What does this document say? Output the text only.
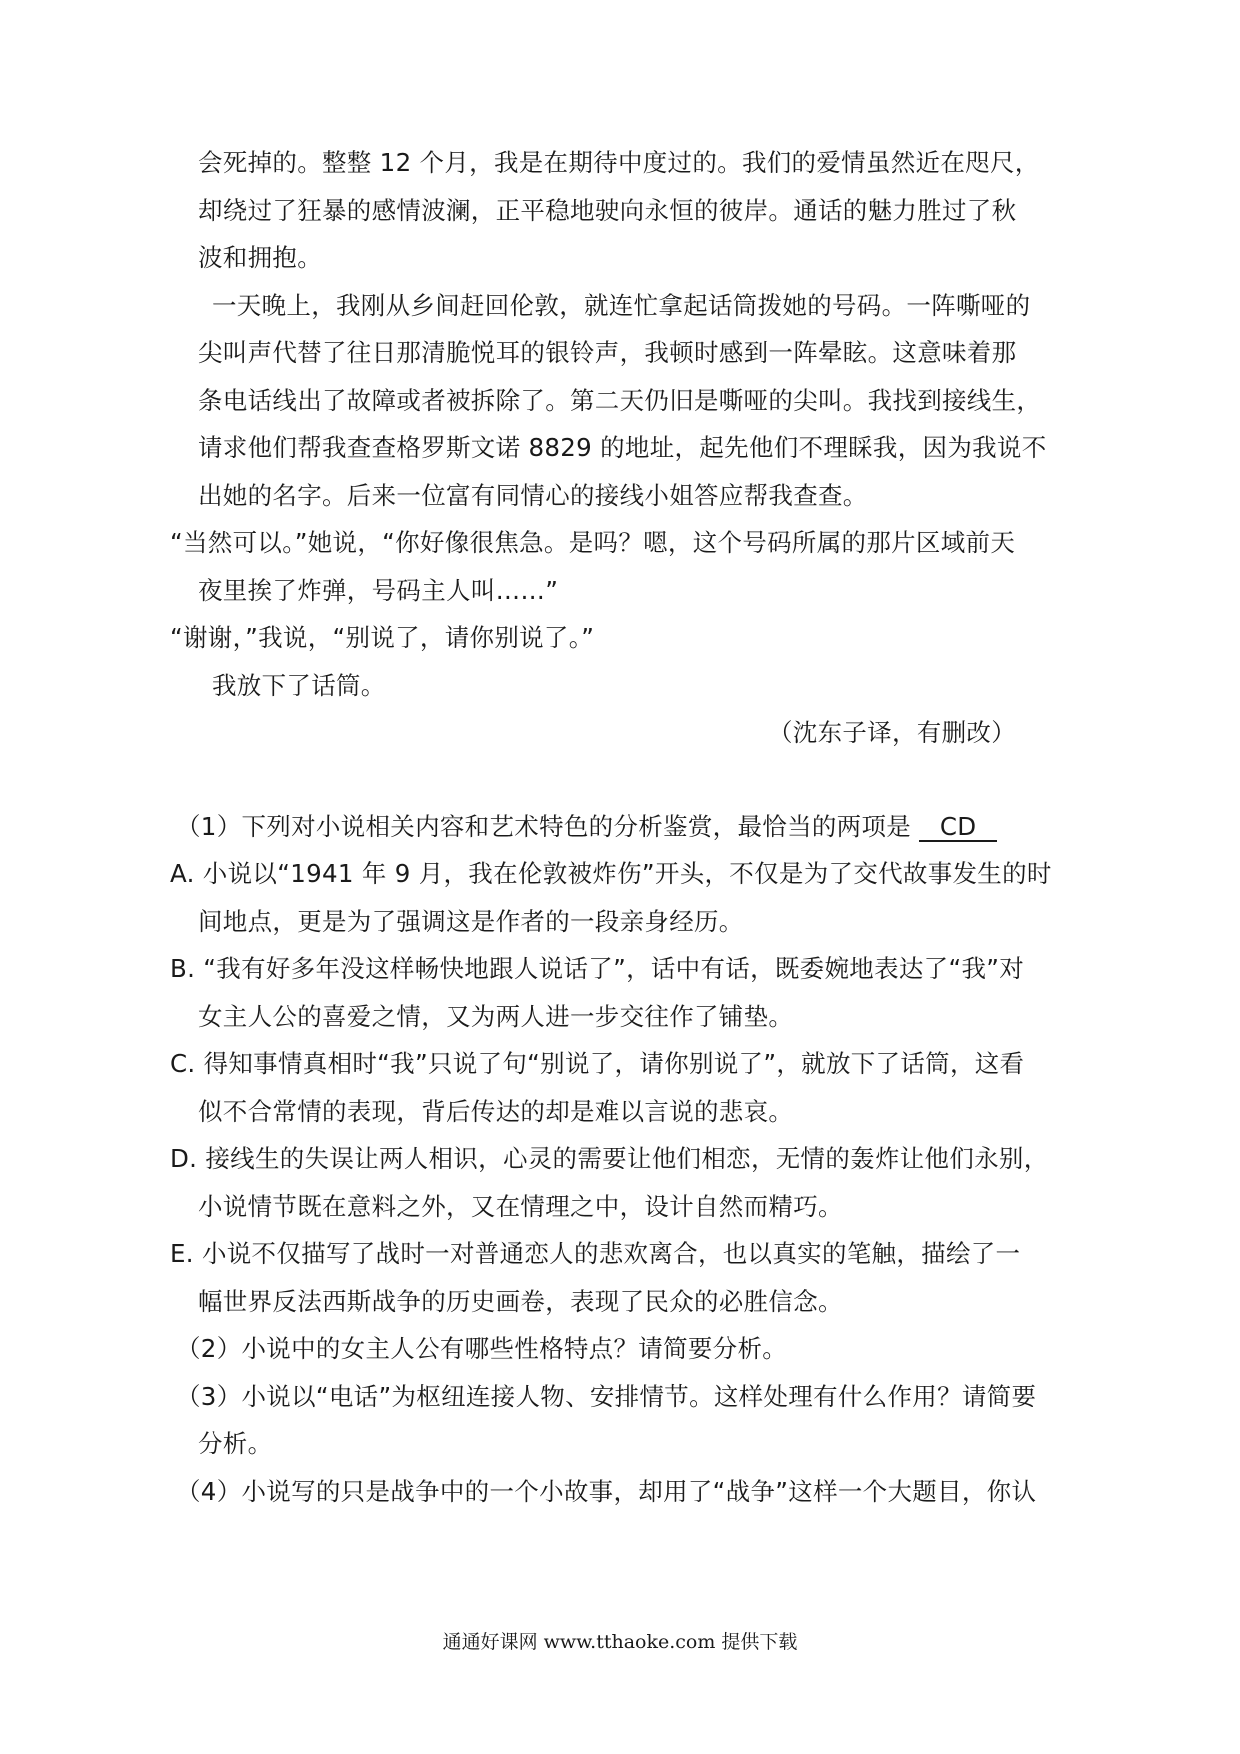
会死掉的。整整 12 个月，我是在期待中度过的。我们的爱情虽然近在咫尺，
却绕过了狂暴的感情波澜，正平稳地驶向永恒的彼岸。通话的魅力胜过了秋
波和拥抱。
一天晚上，我刚从乡间赶回伦敦，就连忙拿起话筒拨她的号码。一阵嘶哑的
尖叫声代替了往日那清脆悦耳的银铃声，我顿时感到一阵晕眩。这意味着那
条电话线出了故障或者被拆除了。第二天仍旧是嘶哑的尖叫。我找到接线生，
请求他们帮我查查格罗斯文诺 8829 的地址，起先他们不理睬我，因为我说不
出她的名字。后来一位富有同情心的接线小姐答应帮我查查。
“当然可以。”她说，“你好像很焦急。是吗？嗯，这个号码所属的那片区域前天
夜里挨了炸弹，号码主人叫……”
“谢谢，”我说，“别说了，请你别说了。”
我放下了话筒。
（沈东子译，有删改）
（1）下列对小说相关内容和艺术特色的分析鉴赏，最恰当的两项是 CD
A. 小说以“1941 年 9 月，我在伦敦被炸伤”开头，不仅是为了交代故事发生的时
间地点，更是为了强调这是作者的一段亲身经历。
B. “我有好多年没这样畅快地跟人说话了”，话中有话，既委婉地表达了“我”对
女主人公的喜爱之情，又为两人进一步交往作了铺垫。
C. 得知事情真相时“我”只说了句“别说了，请你别说了”，就放下了话筒，这看
似不合常情的表现，背后传达的却是难以言说的悲哀。
D. 接线生的失误让两人相识，心灵的需要让他们相恋，无情的轰炸让他们永别，
小说情节既在意料之外，又在情理之中，设计自然而精巧。
E. 小说不仅描写了战时一对普通恋人的悲欢离合，也以真实的笔触，描绘了一
幅世界反法西斯战争的历史画卷，表现了民众的必胜信念。
（2）小说中的女主人公有哪些性格特点？请简要分析。
（3）小说以“电话”为枢纽连接人物、安排情节。这样处理有什么作用？请简要
分析。
（4）小说写的只是战争中的一个小故事，却用了“战争”这样一个大题目，你认
通通好课网 www.tthaoke.com 提供下载
